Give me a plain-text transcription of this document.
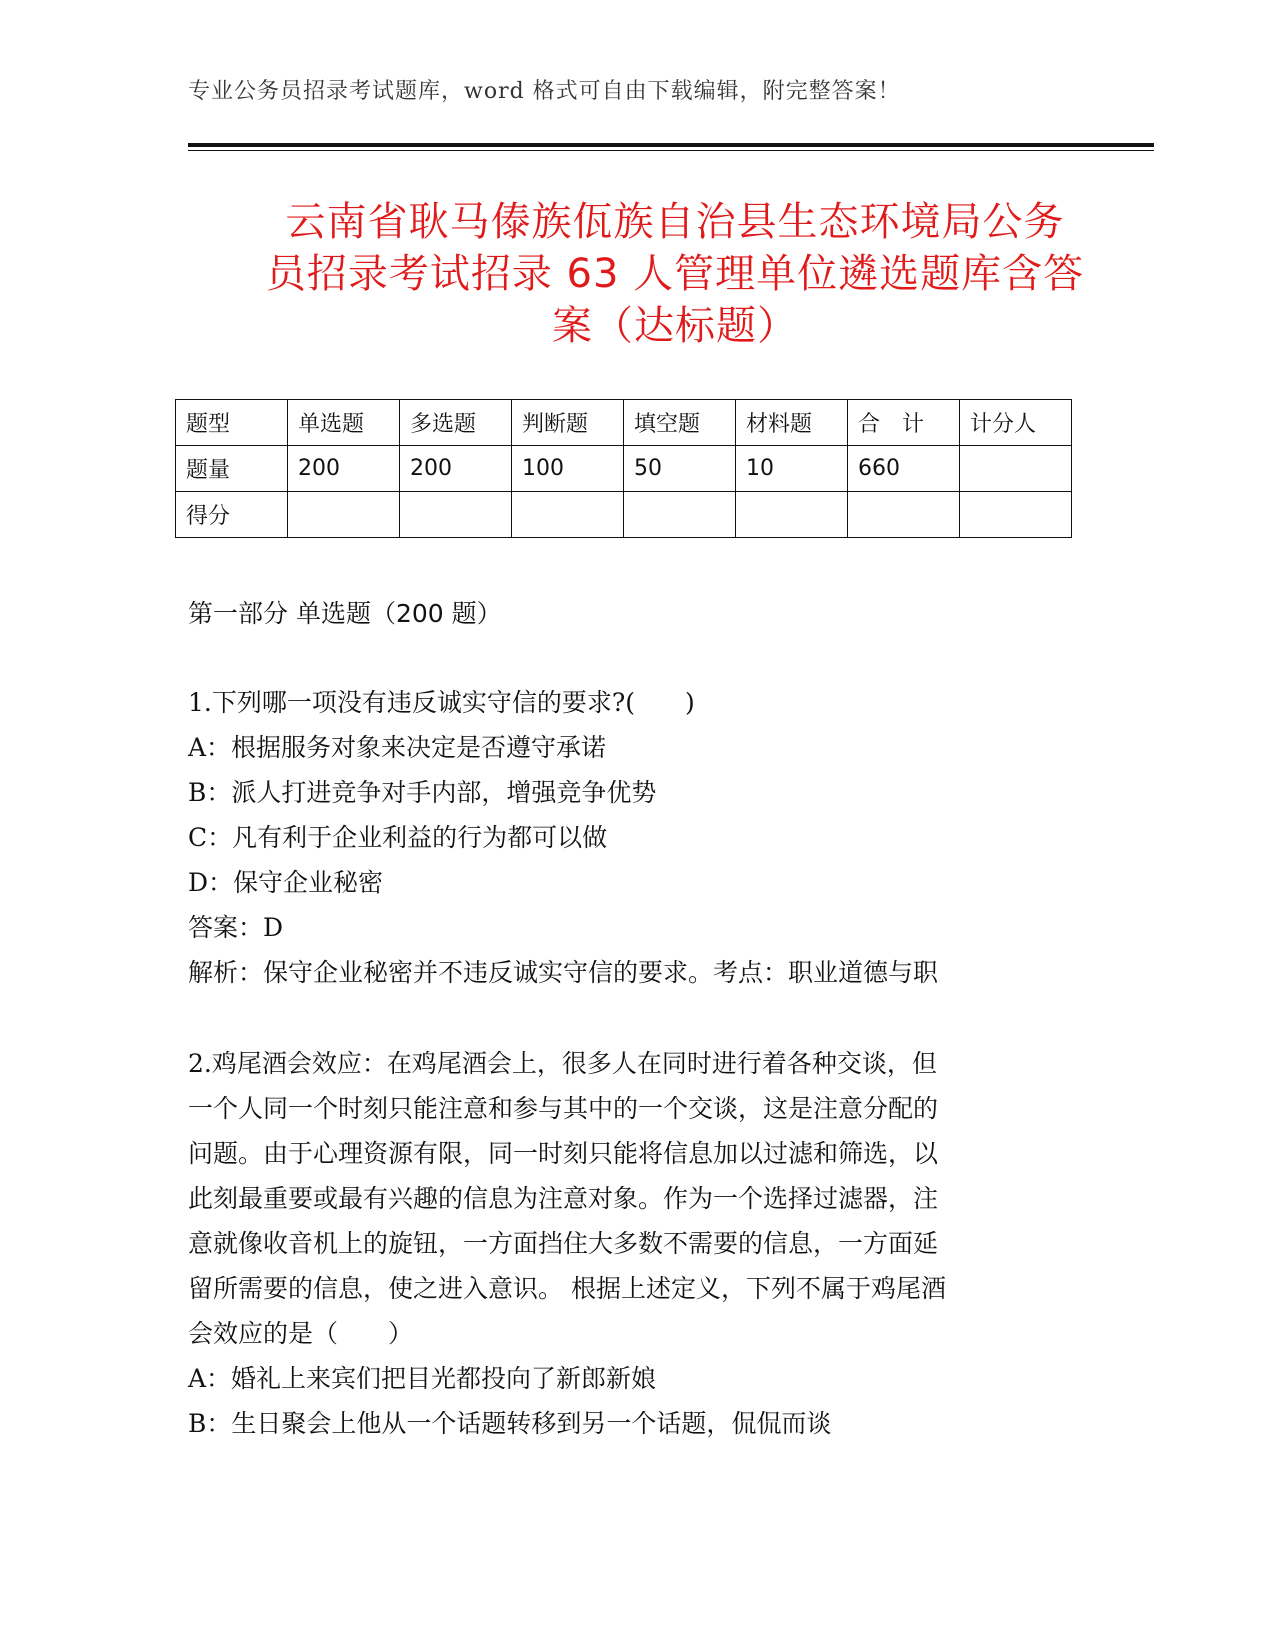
专业公务员招录考试题库，word 格式可自由下载编辑，附完整答案！
云南省耿马傣族佤族自治县生态环境局公务
员招录考试招录 63 人管理单位遴选题库含答
案（达标题）
题型	单选题	多选题	判断题	填空题	材料题	合　计	计分人
题量	200	200	100	50	10	660	
得分							
第一部分 单选题（200 题）

1.下列哪一项没有违反诚实守信的要求?(　　)

A：根据服务对象来决定是否遵守承诺

B：派人打进竞争对手内部，增强竞争优势

C：凡有利于企业利益的行为都可以做

D：保守企业秘密

答案：D

解析：保守企业秘密并不违反诚实守信的要求。考点：职业道德与职

2.鸡尾酒会效应：在鸡尾酒会上，很多人在同时进行着各种交谈，但

一个人同一个时刻只能注意和参与其中的一个交谈，这是注意分配的

问题。由于心理资源有限，同一时刻只能将信息加以过滤和筛选，以

此刻最重要或最有兴趣的信息为注意对象。作为一个选择过滤器，注

意就像收音机上的旋钮，一方面挡住大多数不需要的信息，一方面延

留所需要的信息，使之进入意识。 根据上述定义，下列不属于鸡尾酒

会效应的是（　　）

A：婚礼上来宾们把目光都投向了新郎新娘

B：生日聚会上他从一个话题转移到另一个话题，侃侃而谈
